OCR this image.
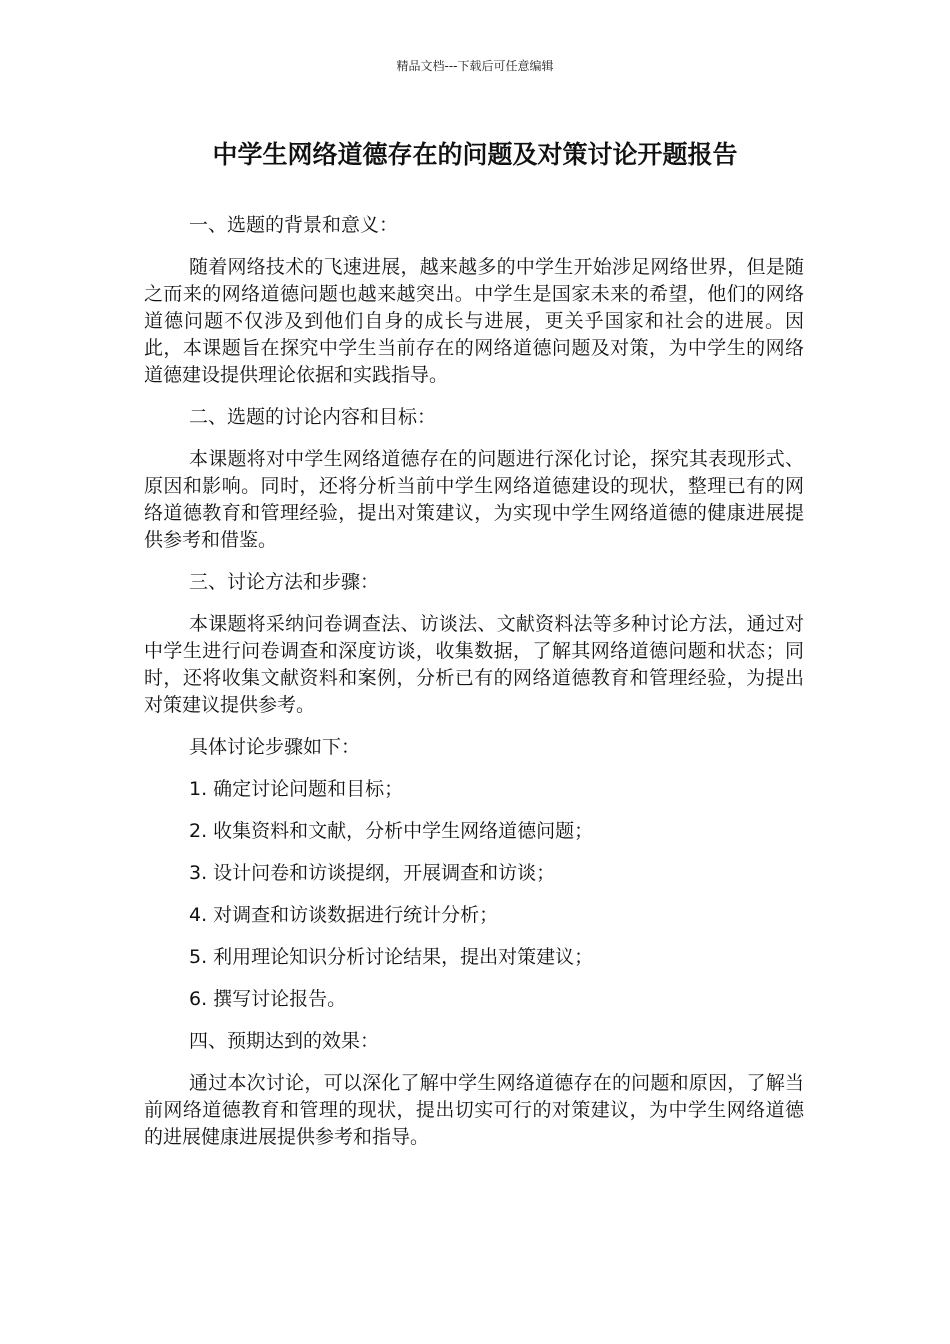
精品文档---下载后可任意编辑
中学生网络道德存在的问题及对策讨论开题报告

一、选题的背景和意义：

随着网络技术的飞速进展，越来越多的中学生开始涉足网络世界，但是随之而来的网络道德问题也越来越突出。中学生是国家未来的希望，他们的网络道德问题不仅涉及到他们自身的成长与进展，更关乎国家和社会的进展。因此，本课题旨在探究中学生当前存在的网络道德问题及对策，为中学生的网络道德建设提供理论依据和实践指导。

二、选题的讨论内容和目标：

本课题将对中学生网络道德存在的问题进行深化讨论，探究其表现形式、原因和影响。同时，还将分析当前中学生网络道德建设的现状，整理已有的网络道德教育和管理经验，提出对策建议，为实现中学生网络道德的健康进展提供参考和借鉴。

三、讨论方法和步骤：

本课题将采纳问卷调查法、访谈法、文献资料法等多种讨论方法，通过对中学生进行问卷调查和深度访谈，收集数据，了解其网络道德问题和状态；同时，还将收集文献资料和案例，分析已有的网络道德教育和管理经验，为提出对策建议提供参考。

具体讨论步骤如下：

1. 确定讨论问题和目标；

2. 收集资料和文献，分析中学生网络道德问题；

3. 设计问卷和访谈提纲，开展调查和访谈；

4. 对调查和访谈数据进行统计分析；

5. 利用理论知识分析讨论结果，提出对策建议；

6. 撰写讨论报告。

四、预期达到的效果：

通过本次讨论，可以深化了解中学生网络道德存在的问题和原因，了解当前网络道德教育和管理的现状，提出切实可行的对策建议，为中学生网络道德的进展健康进展提供参考和指导。
